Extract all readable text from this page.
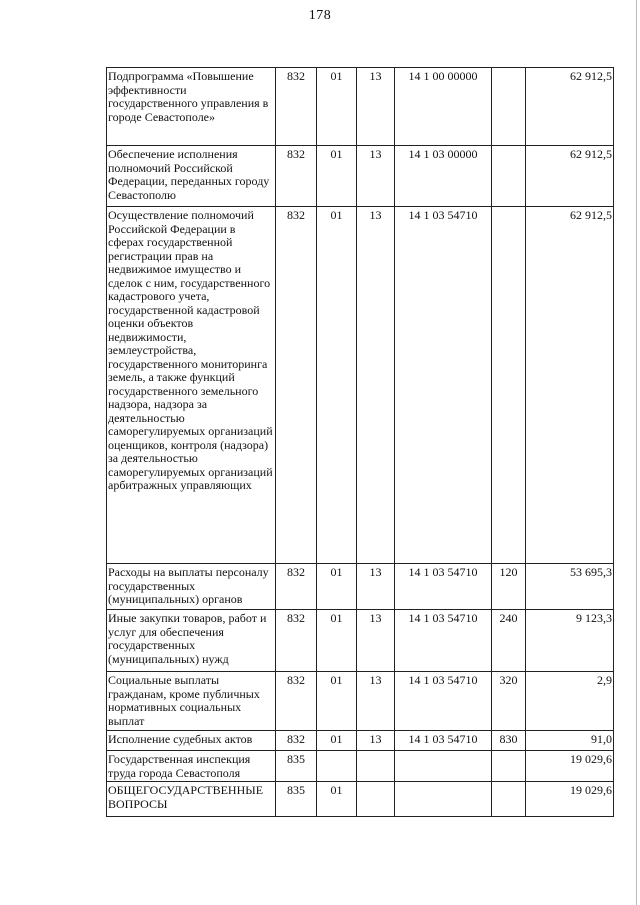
178
Подпрограмма «Повышение эффективности государственного управления в городе Севастополе»	832	01	13	14 1 00 00000		62 912,5
Обеспечение исполнения полномочий Российской Федерации, переданных городу Севастополю	832	01	13	14 1 03 00000		62 912,5
Осуществление полномочий Российской Федерации в сферах государственной регистрации прав на недвижимое имущество и сделок с ним, государственного кадастрового учета, государственной кадастровой оценки объектов недвижимости, землеустройства, государственного мониторинга земель, а также функций государственного земельного надзора, надзора за деятельностью саморегулируемых организаций оценщиков, контроля (надзора) за деятельностью саморегулируемых организаций арбитражных управляющих	832	01	13	14 1 03 54710		62 912,5
Расходы на выплаты персоналу государственных (муниципальных) органов	832	01	13	14 1 03 54710	120	53 695,3
Иные закупки товаров, работ и услуг для обеспечения государственных (муниципальных) нужд	832	01	13	14 1 03 54710	240	9 123,3
Социальные выплаты гражданам, кроме публичных нормативных социальных выплат	832	01	13	14 1 03 54710	320	2,9
Исполнение судебных актов	832	01	13	14 1 03 54710	830	91,0
Государственная инспекция труда города Севастополя	835					19 029,6
ОБЩЕГОСУДАРСТВЕННЫЕ ВОПРОСЫ	835	01				19 029,6
